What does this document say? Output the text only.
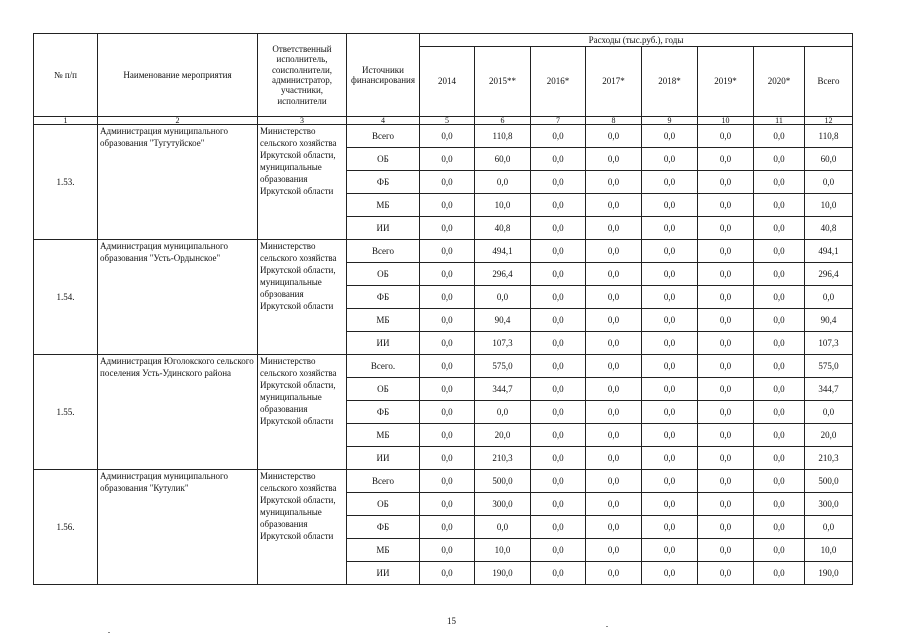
№ п/п	Наименование мероприятия	Ответственный исполнитель, соисполнители, администратор, участники, исполнители	Источники финансирования	Расходы (тыс.руб.), годы							
				2014	2015**	2016*	2017*	2018*	2019*	2020*	Всего
1	2	3	4	5	6	7	8	9	10	11	12
1.53.	Администрация муниципального образования "Тугутуйское"	Министерство сельского хозяйства Иркутской области, муниципальные образования Иркутской области	Всего	0,0	110,8	0,0	0,0	0,0	0,0	0,0	110,8
			ОБ	0,0	60,0	0,0	0,0	0,0	0,0	0,0	60,0
			ФБ	0,0	0,0	0,0	0,0	0,0	0,0	0,0	0,0
			МБ	0,0	10,0	0,0	0,0	0,0	0,0	0,0	10,0
			ИИ	0,0	40,8	0,0	0,0	0,0	0,0	0,0	40,8
1.54.	Администрация муниципального образования "Усть-Ордынское"	Министерство сельского хозяйства Иркутской области, муниципальные обрзования Иркутской области	Всего	0,0	494,1	0,0	0,0	0,0	0,0	0,0	494,1
			ОБ	0,0	296,4	0,0	0,0	0,0	0,0	0,0	296,4
			ФБ	0,0	0,0	0,0	0,0	0,0	0,0	0,0	0,0
			МБ	0,0	90,4	0,0	0,0	0,0	0,0	0,0	90,4
			ИИ	0,0	107,3	0,0	0,0	0,0	0,0	0,0	107,3
1.55.	Администрация Юголокского сельского поселения Усть-Удинского района	Министерство сельского хозяйства Иркутской области, муниципальные образования Иркутской области	Всего.	0,0	575,0	0,0	0,0	0,0	0,0	0,0	575,0
			ОБ	0,0	344,7	0,0	0,0	0,0	0,0	0,0	344,7
			ФБ	0,0	0,0	0,0	0,0	0,0	0,0	0,0	0,0
			МБ	0,0	20,0	0,0	0,0	0,0	0,0	0,0	20,0
			ИИ	0,0	210,3	0,0	0,0	0,0	0,0	0,0	210,3
1.56.	Администрация муниципального образования "Кутулик"	Министерство сельского хозяйства Иркутской области, муниципальные образования Иркутской области	Всего	0,0	500,0	0,0	0,0	0,0	0,0	0,0	500,0
			ОБ	0,0	300,0	0,0	0,0	0,0	0,0	0,0	300,0
			ФБ	0,0	0,0	0,0	0,0	0,0	0,0	0,0	0,0
			МБ	0,0	10,0	0,0	0,0	0,0	0,0	0,0	10,0
			ИИ	0,0	190,0	0,0	0,0	0,0	0,0	0,0	190,0
15
